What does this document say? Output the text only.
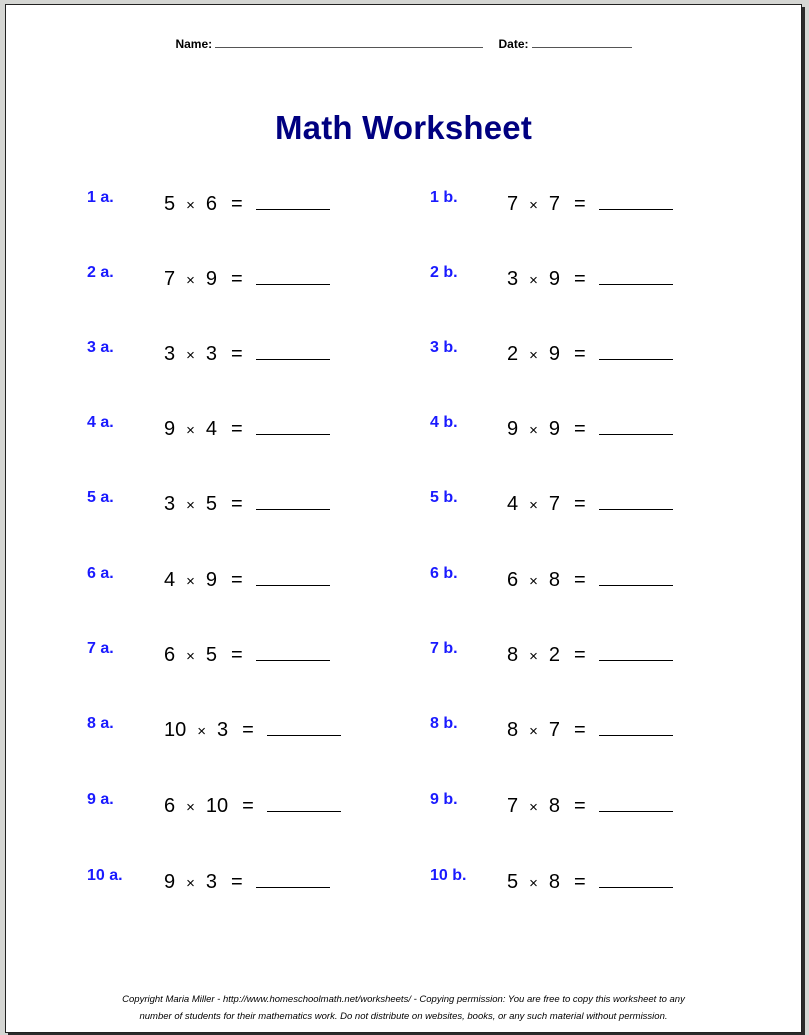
Name:	Date:
Math Worksheet
1 a.	5 × 6 =
2 a.	7 × 9 =
3 a.	3 × 3 =
4 a.	9 × 4 =
5 a.	3 × 5 =
6 a.	4 × 9 =
7 a.	6 × 5 =
8 a.	10 × 3 =
9 a.	6 × 10 =
10 a. 9 × 3 =
1 b. 7 × 7 =
2 b. 3 × 9 =
3 b. 2 × 9 =
4 b. 9 × 9 =
5 b. 4 × 7 =
6 b. 6 × 8 =
7 b. 8 × 2 =
8 b. 8 × 7 =
9 b. 7 × 8 =
10 b. 5 × 8 =
Copyright Maria Miller - http://www.homeschoolmath.net/worksheets/ - Copying permission: You are free to copy this worksheet to any
number of students for their mathematics work. Do not distribute on websites, books, or any such material without permission.
